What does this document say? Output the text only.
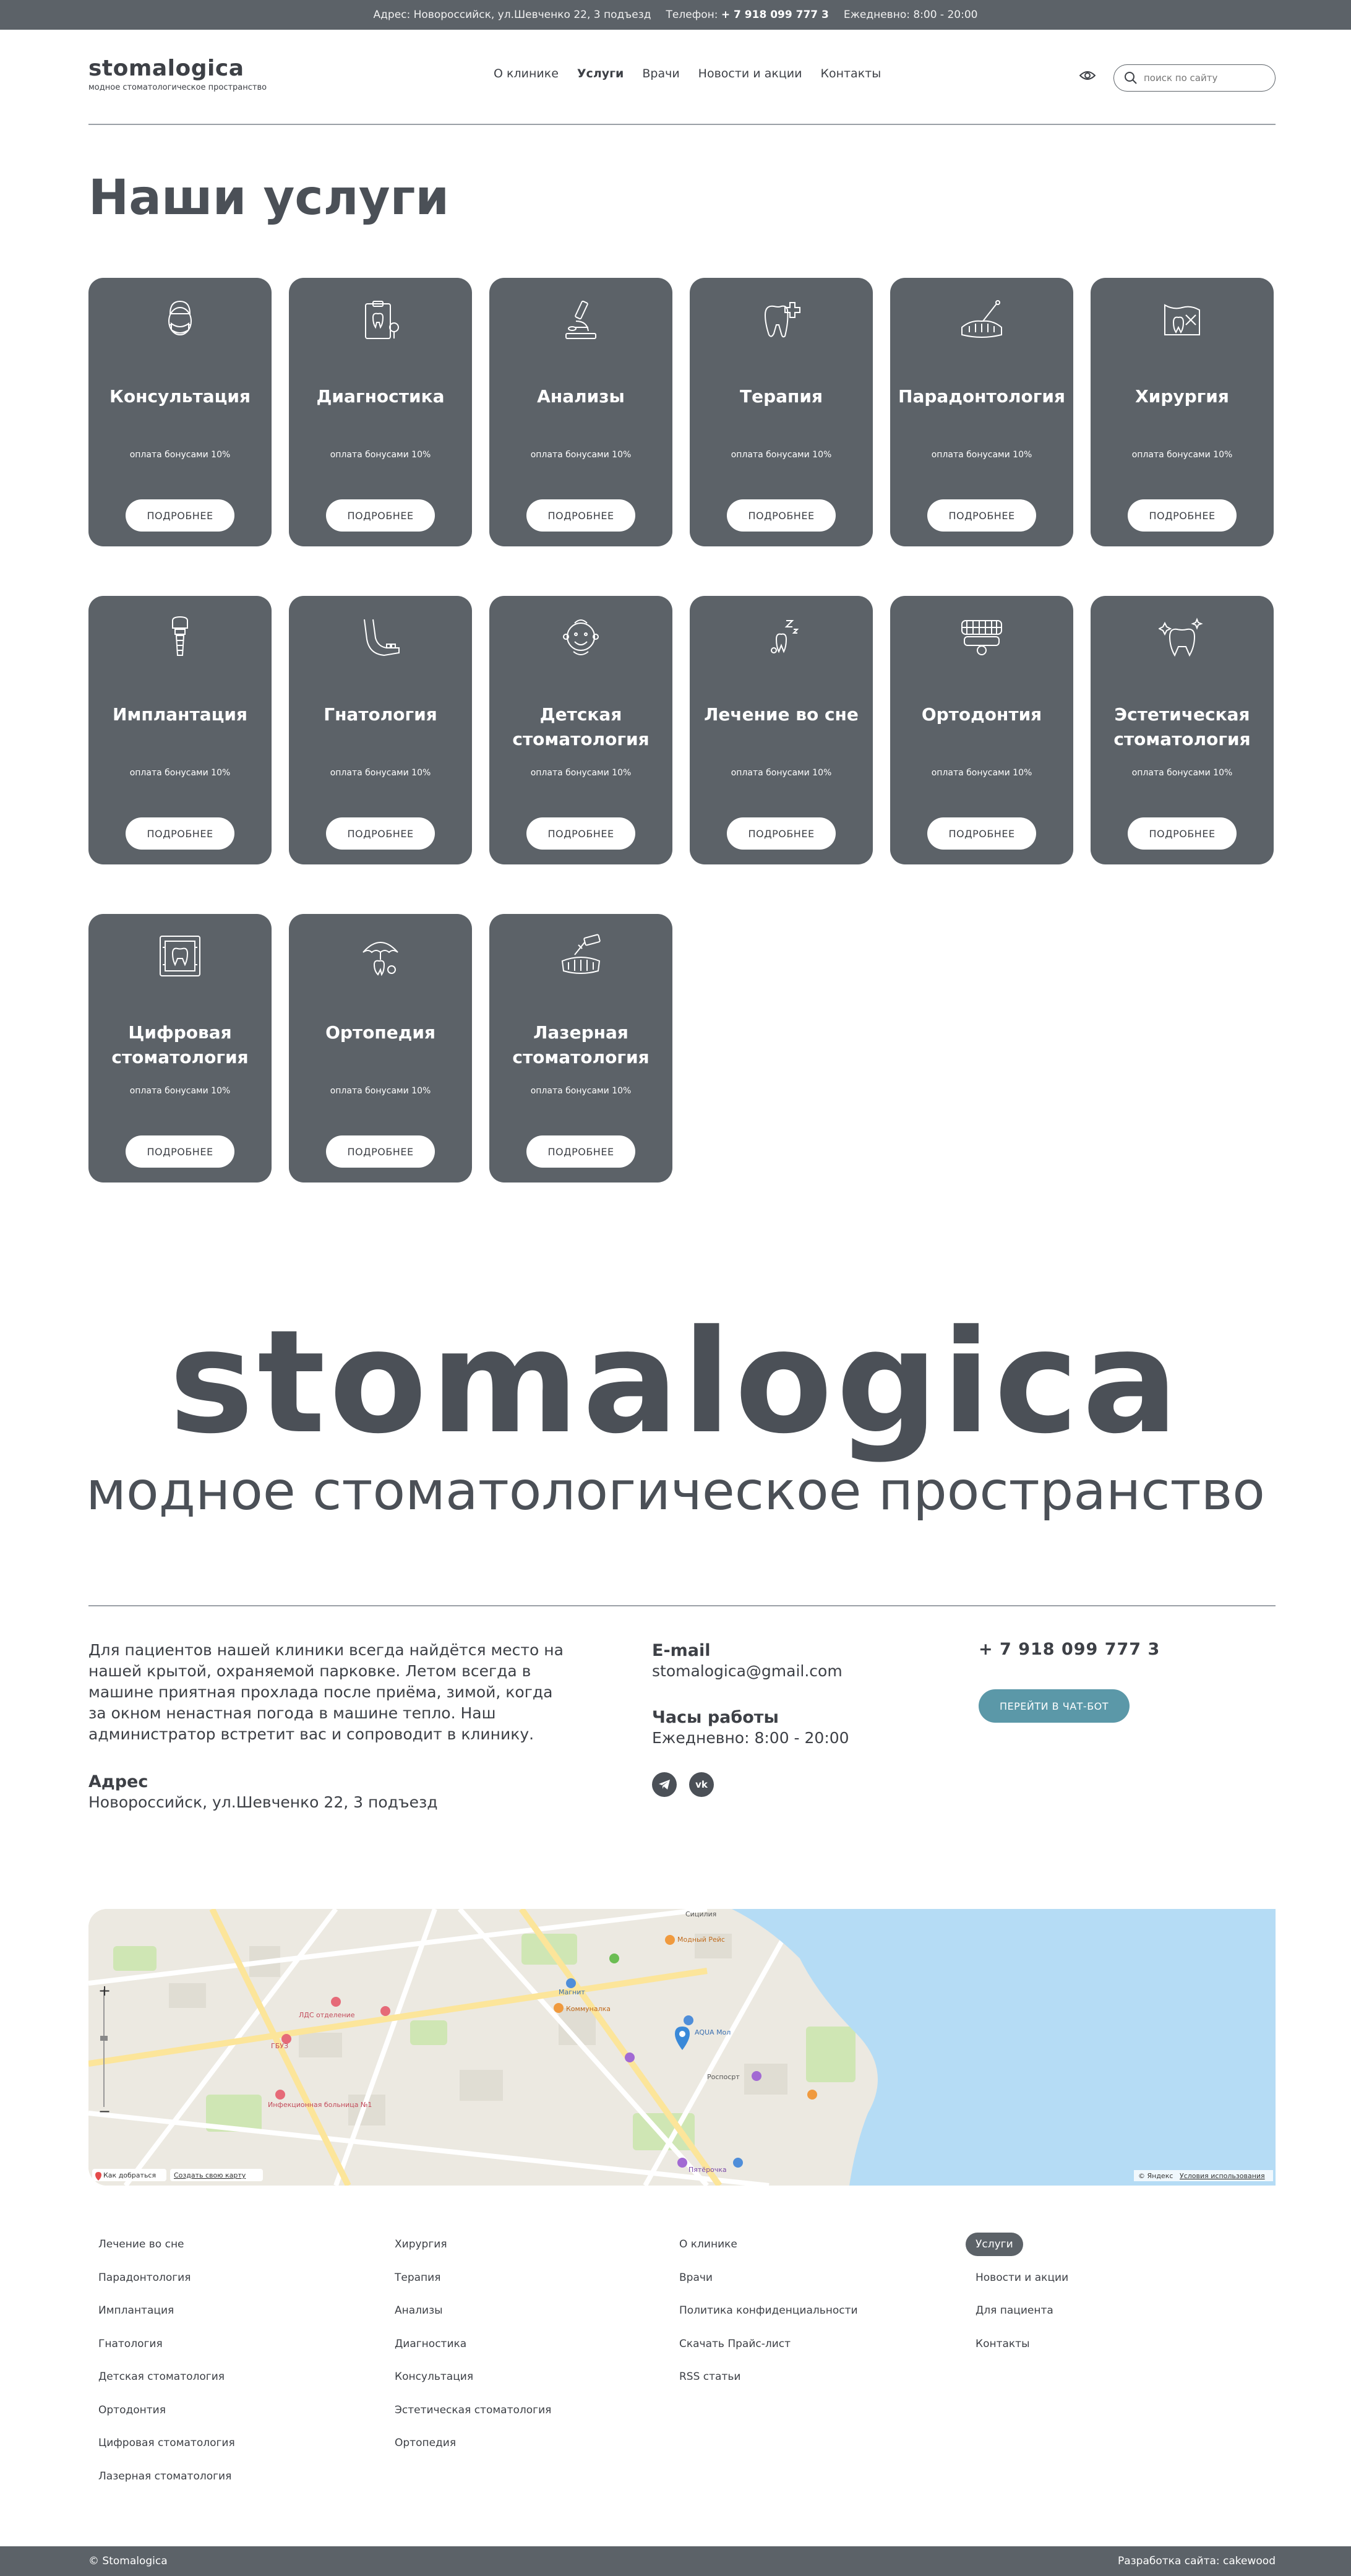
Адрес: Новороссийск, ул.Шевченко 22, 3 подъезд Телефон: + 7 918 099 777 3 Ежедневно: 8:00 - 20:00
stomalogica
модное стоматологическое пространство
О клинике Услуги Врачи Новости и акции Контакты
поиск по сайту
Наши услуги
Консультация
оплата бонусами 10%
ПОДРОБНЕЕ
Диагностика
оплата бонусами 10%
ПОДРОБНЕЕ
Анализы
оплата бонусами 10%
ПОДРОБНЕЕ
Терапия
оплата бонусами 10%
ПОДРОБНЕЕ
Парадонтология
оплата бонусами 10%
ПОДРОБНЕЕ
Хирургия
оплата бонусами 10%
ПОДРОБНЕЕ
Имплантация
оплата бонусами 10%
ПОДРОБНЕЕ
Гнатология
оплата бонусами 10%
ПОДРОБНЕЕ
Детская стоматология
оплата бонусами 10%
ПОДРОБНЕЕ
Лечение во сне
оплата бонусами 10%
ПОДРОБНЕЕ
Ортодонтия
оплата бонусами 10%
ПОДРОБНЕЕ
Эстетическая стоматология
оплата бонусами 10%
ПОДРОБНЕЕ
Цифровая стоматология
оплата бонусами 10%
ПОДРОБНЕЕ
Ортопедия
оплата бонусами 10%
ПОДРОБНЕЕ
Лазерная стоматология
оплата бонусами 10%
ПОДРОБНЕЕ
stomalogica
модное стоматологическое пространство
Для пациентов нашей клиники всегда найдётся место на нашей крытой, охраняемой парковке. Летом всегда в машине приятная прохлада после приёма, зимой, когда за окном ненастная погода в машине тепло. Наш администратор встретит вас и сопроводит в клинику.
Адрес
Новороссийск, ул.Шевченко 22, 3 подъезд
E-mail
stomalogica@gmail.com
Часы работы
Ежедневно: 8:00 - 20:00
vk
+ 7 918 099 777 3
ПЕРЕЙТИ В ЧАТ-БОТ
Сицилия
Модный Рейс
Магнит
Коммуналка
AQUA Мол
Роспосрт
Пятёрочка
Инфекционная больница №1
ЛДС отделение
ГБУЗ
+
−
Как добраться	Создать свою карту	© Яндекс Условия использования
Лечение во сне
Парадонтология
Имплантация
Гнатология
Детская стоматология
Ортодонтия
Цифровая стоматология
Лазерная стоматология
Хирургия
Терапия
Анализы
Диагностика
Консультация
Эстетическая стоматология
Ортопедия
О клинике
Врачи
Политика конфиденциальности
Скачать Прайс-лист
RSS статьи
Услуги
Новости и акции
Для пациента
Контакты
© Stomalogica	Разработка сайта: cakewood
